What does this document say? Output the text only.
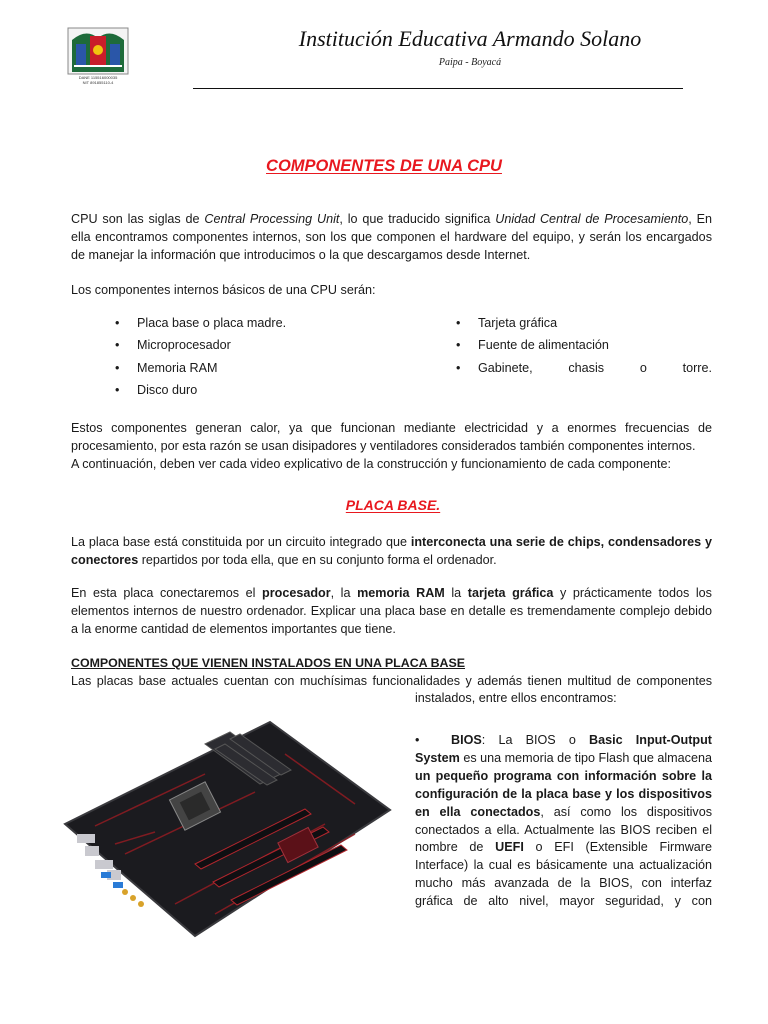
DANE 115516000035
NIT 891855110-4
Institución Educativa Armando Solano
Paipa - Boyacá
COMPONENTES DE UNA CPU

CPU son las siglas de Central Processing Unit, lo que traducido significa Unidad Central de Procesamiento, En ella encontramos componentes internos, son los que componen el hardware del equipo, y serán los encargados de manejar la información que introducimos o la que descargamos desde Internet.

Los componentes internos básicos de una CPU serán:
• Placa base o placa madre.
• Microprocesador
• Memoria RAM
• Disco duro
• Tarjeta gráfica
• Fuente de alimentación
• Gabinete,	chasis	o	torre.
Estos componentes generan calor, ya que funcionan mediante electricidad y a enormes frecuencias de procesamiento, por esta razón se usan disipadores y ventiladores considerados también componentes internos.
A continuación, deben ver cada video explicativo de la construcción y funcionamiento de cada componente:
PLACA BASE.

La placa base está constituida por un circuito integrado que interconecta una serie de chips, condensadores y conectores repartidos por toda ella, que en su conjunto forma el ordenador.

En esta placa conectaremos el procesador, la memoria RAM la tarjeta gráfica y prácticamente todos los elementos internos de nuestro ordenador. Explicar una placa base en detalle es tremendamente complejo debido a la enorme cantidad de elementos importantes que tiene.

COMPONENTES QUE VIENEN INSTALADOS EN UNA PLACA BASE
Las placas base actuales cuentan con muchísimas funcionalidades y además tienen multitud de componentes
instalados, entre ellos encontramos:

•	BIOS: La BIOS o Basic Input-Output System es una memoria de tipo Flash que almacena un pequeño programa con información sobre la configuración de la placa base y los dispositivos en ella conectados, así como los dispositivos conectados a ella. Actualmente las BIOS reciben el nombre de UEFI o EFI (Extensible Firmware Interface) la cual es básicamente una actualización mucho más avanzada de la BIOS, con interfaz gráfica de alto nivel, mayor seguridad, y con
